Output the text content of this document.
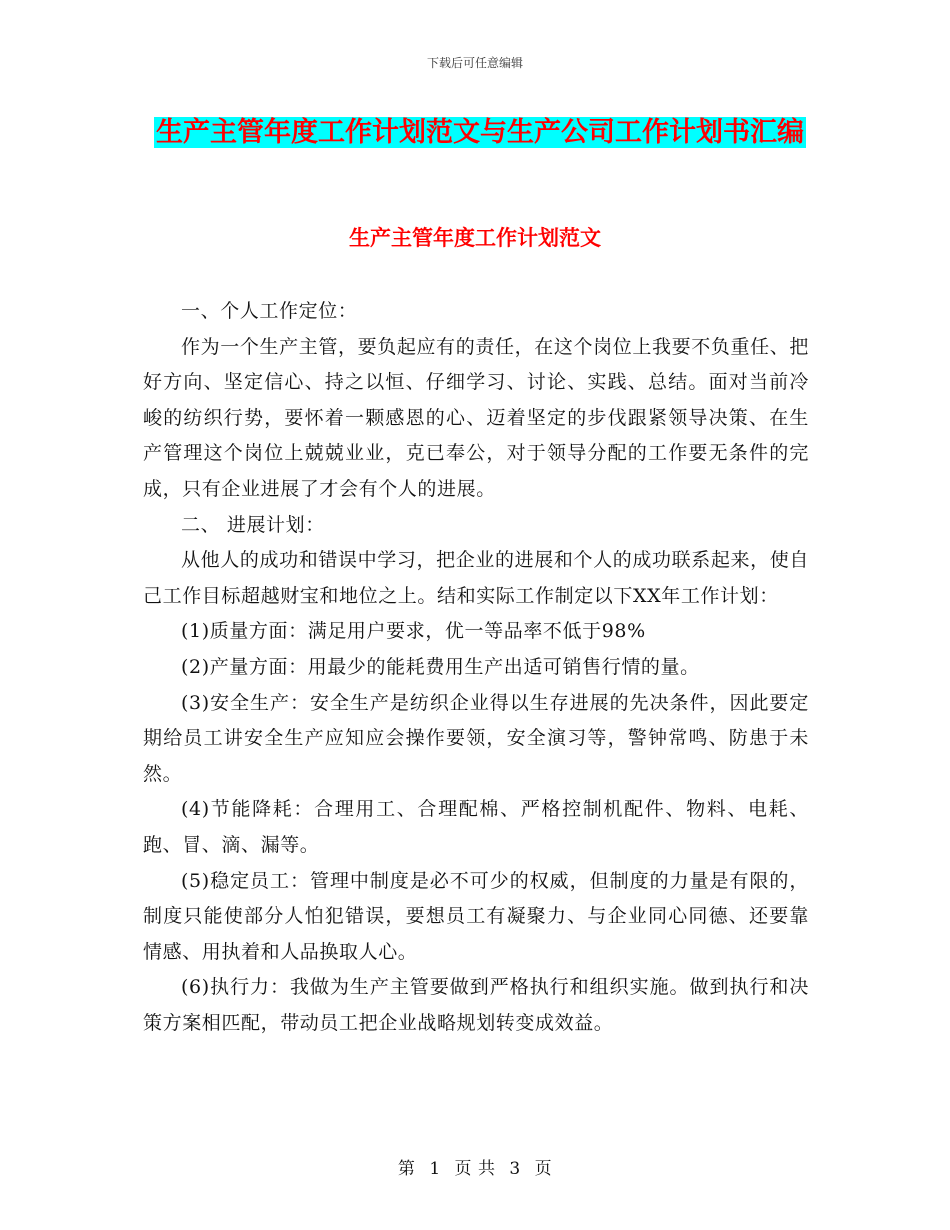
下载后可任意编辑
生产主管年度工作计划范文与生产公司工作计划书汇编
生产主管年度工作计划范文

一、个人工作定位：

作为一个生产主管，要负起应有的责任，在这个岗位上我要不负重任、把好方向、坚定信心、持之以恒、仔细学习、讨论、实践、总结。面对当前冷峻的纺织行势，要怀着一颗感恩的心、迈着坚定的步伐跟紧领导决策、在生产管理这个岗位上兢兢业业，克已奉公，对于领导分配的工作要无条件的完成，只有企业进展了才会有个人的进展。

二、 进展计划：

从他人的成功和错误中学习，把企业的进展和个人的成功联系起来，使自己工作目标超越财宝和地位之上。结和实际工作制定以下XX年工作计划：

(1)质量方面：满足用户要求，优一等品率不低于98%

(2)产量方面：用最少的能耗费用生产出适可销售行情的量。

(3)安全生产：安全生产是纺织企业得以生存进展的先决条件，因此要定期给员工讲安全生产应知应会操作要领，安全演习等，警钟常鸣、防患于未然。

(4)节能降耗：合理用工、合理配棉、严格控制机配件、物料、电耗、跑、冒、滴、漏等。

(5)稳定员工：管理中制度是必不可少的权威，但制度的力量是有限的，制度只能使部分人怕犯错误，要想员工有凝聚力、与企业同心同德、还要靠情感、用执着和人品换取人心。

(6)执行力：我做为生产主管要做到严格执行和组织实施。做到执行和决策方案相匹配，带动员工把企业战略规划转变成效益。

第 1 页 共 3 页
